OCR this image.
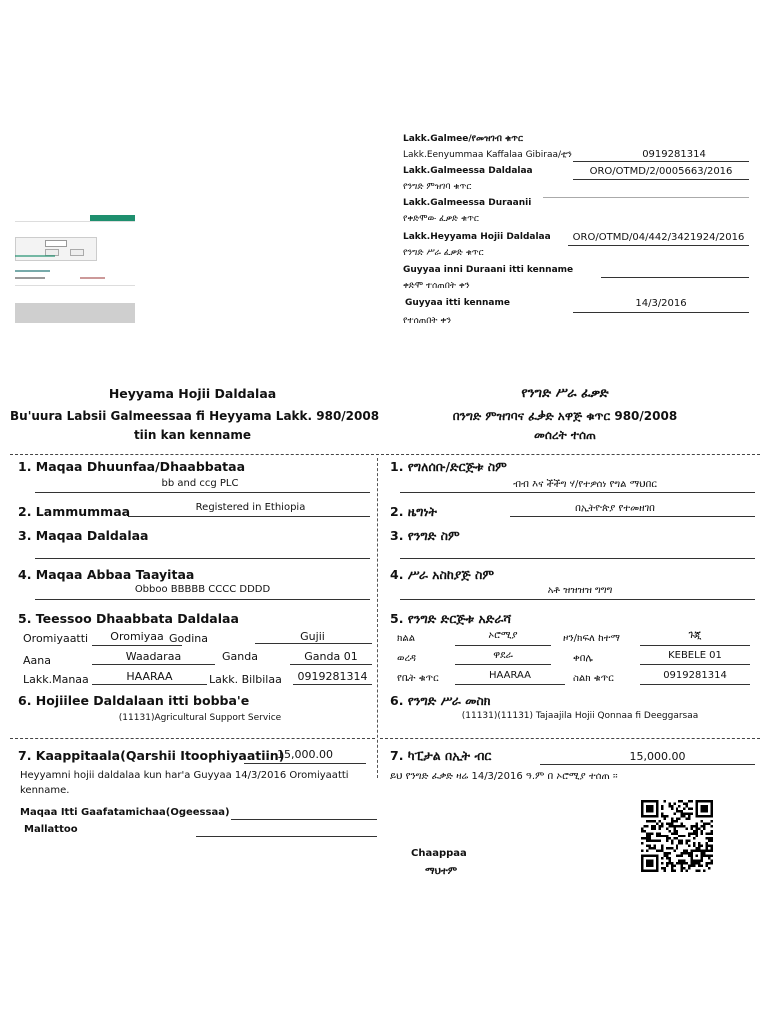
Lakk.Galmee/የመዝገብ ቁጥር
Lakk.Eenyummaa Kaffalaa Gibiraa/ቲን	0919281314
Lakk.Galmeessa Daldalaa	ORO/OTMD/2/0005663/2016
የንግድ ምዝገባ ቁጥር
Lakk.Galmeessa Duraanii
የቀድሞው ፈቃድ ቁጥር
Lakk.Heyyama Hojii Daldalaa	ORO/OTMD/04/442/3421924/2016
የንግድ ሥራ ፈቃድ ቁጥር
Guyyaa inni Duraani itti kenname
ቀድሞ ተሰጠበት ቀን
Guyyaa itti kenname	14/3/2016
የተሰጠበት ቀን
Heyyama Hojii Daldalaa
Bu'uura Labsii Galmeessaa fi Heyyama Lakk. 980/2008
tiin kan kenname
የንግድ ሥራ ፈቃድ
በንግድ ምዝገባና ፈቃድ አዋጅ ቁጥር 980/2008
መሰረት ተሰጠ
1. Maqaa Dhuunfaa/Dhaabbataa
bb and ccg PLC
2. Lammummaa	Registered in Ethiopia
3. Maqaa Daldalaa
4. Maqaa Abbaa Taayitaa
Obboo BBBBB CCCC DDDD
5. Teessoo Dhaabbata Daldalaa
Oromiyaatti	Oromiyaa Godina	Gujii
Aana	Waadaraa	Ganda	Ganda 01
Lakk.Manaa	HAARAA	Lakk. Bilbilaa	0919281314
6. Hojiilee Daldalaan itti bobba'e
(11131)Agricultural Support Service
7. Kaappitaala(Qarshii Itoophiyaatiin)
15,000.00
Heyyamni hojii daldalaa kun har'a Guyyaa 14/3/2016 Oromiyaatti
kenname.
Maqaa Itti Gaafatamichaa(Ogeessaa)
Mallattoo
1. የግለሰቡ/ድርጅቱ ስም
ብብ እና ችችግ ሃ/የተዎሰነ የግል ማህበር
2. ዜግነት	በኢትዮጵያ የተመዘገበ
3. የንግድ ስም
4. ሥራ አስከያጅ ስም
አቶ ዝዝዝዝ ግግግ
5. የንግድ ድርጅቱ አድራሻ
ክልል	ኦሮሚያ	ዞን/ክፍለ ከተማ	ጉጂ
ወረዳ	ዋደራ	ቀበሌ	KEBELE 01
የቤት ቁጥር	HAARAA	ስልክ ቁጥር	0919281314
6. የንግድ ሥራ መስክ
(11131)(11131) Tajaajila Hojii Qonnaa fi Deeggarsaa
7. ካፒታል በኢት ብር	15,000.00
ይህ የንግድ ፈቃድ ዛሬ 14/3/2016 ዓ.ም በ ኦሮሚያ ተሰጠ ፡፡
Chaappaa
ማህተም
